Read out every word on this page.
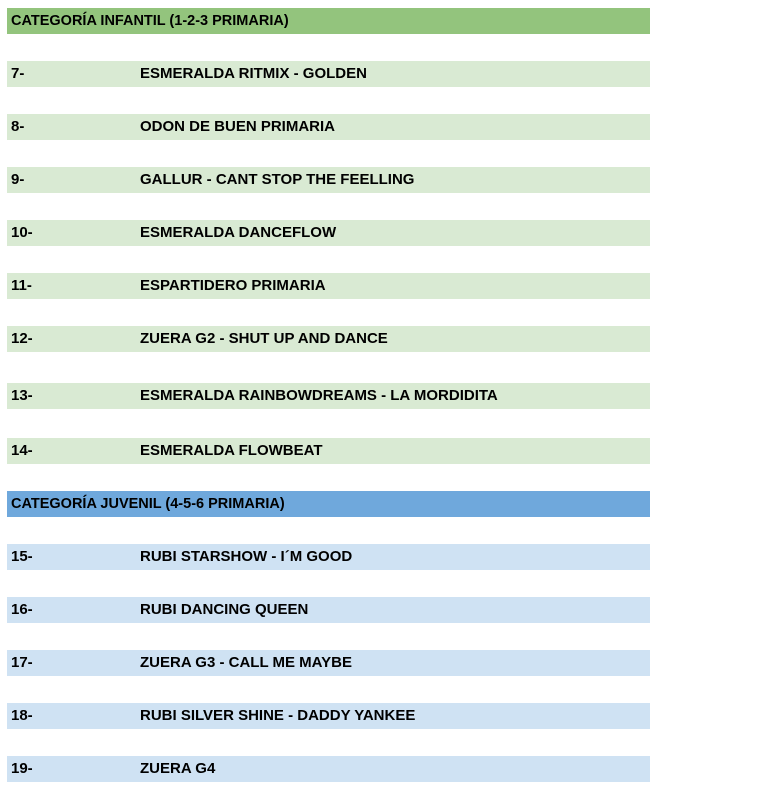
CATEGORÍA INFANTIL (1-2-3 PRIMARIA)
7-	ESMERALDA RITMIX - GOLDEN
8-	ODON DE BUEN PRIMARIA
9-	GALLUR - CANT STOP THE FEELLING
10-	ESMERALDA DANCEFLOW
11-	ESPARTIDERO PRIMARIA
12-	ZUERA G2 - SHUT UP AND DANCE
13-	ESMERALDA RAINBOWDREAMS - LA MORDIDITA
14-	ESMERALDA FLOWBEAT
CATEGORÍA JUVENIL (4-5-6 PRIMARIA)
15-	RUBI STARSHOW - I´M GOOD
16-	RUBI DANCING QUEEN
17-	ZUERA G3 - CALL ME MAYBE
18-	RUBI SILVER SHINE - DADDY YANKEE
19-	ZUERA G4
